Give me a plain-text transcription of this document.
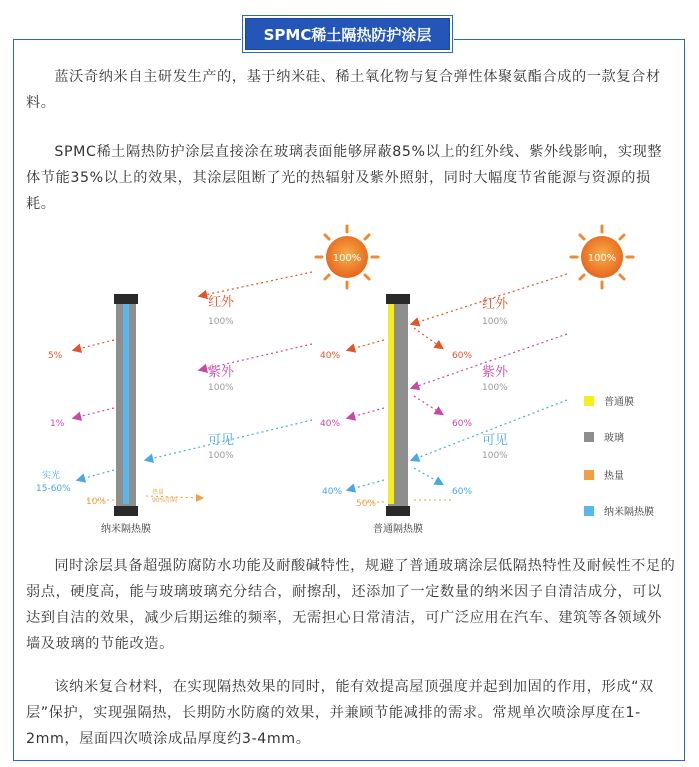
SPMC稀土隔热防护涂层

蓝沃奇纳米自主研发生产的，基于纳米硅、稀土氧化物与复合弹性体聚氨酯合成的一款复合材料。

SPMC稀土隔热防护涂层直接涂在玻璃表面能够屏蔽85%以上的红外线、紫外线影响，实现整体节能35%以上的效果，其涂层阻断了光的热辐射及紫外照射，同时大幅度节省能源与资源的损耗。

100%
纳米隔热膜
红外
100%
5%
紫外
100%
1%
可见
100%
实光
15-60%
10%
热量
90%阻隔
100%
普通隔热膜
红外
100%
60%
40%
紫外
100%
60%
40%
可见
100%
60%
40%
50%
普通膜
玻璃
热量
纳米隔热膜

同时涂层具备超强防腐防水功能及耐酸碱特性，规避了普通玻璃涂层低隔热特性及耐候性不足的弱点，硬度高，能与玻璃玻璃充分结合，耐擦刮，还添加了一定数量的纳米因子自清洁成分，可以达到自洁的效果，减少后期运维的频率，无需担心日常清洁，可广泛应用在汽车、建筑等各领域外墙及玻璃的节能改造。

该纳米复合材料，在实现隔热效果的同时，能有效提高屋顶强度并起到加固的作用，形成“双层”保护，实现强隔热，长期防水防腐的效果，并兼顾节能减排的需求。常规单次喷涂厚度在1-2mm，屋面四次喷涂成品厚度约3-4mm。
